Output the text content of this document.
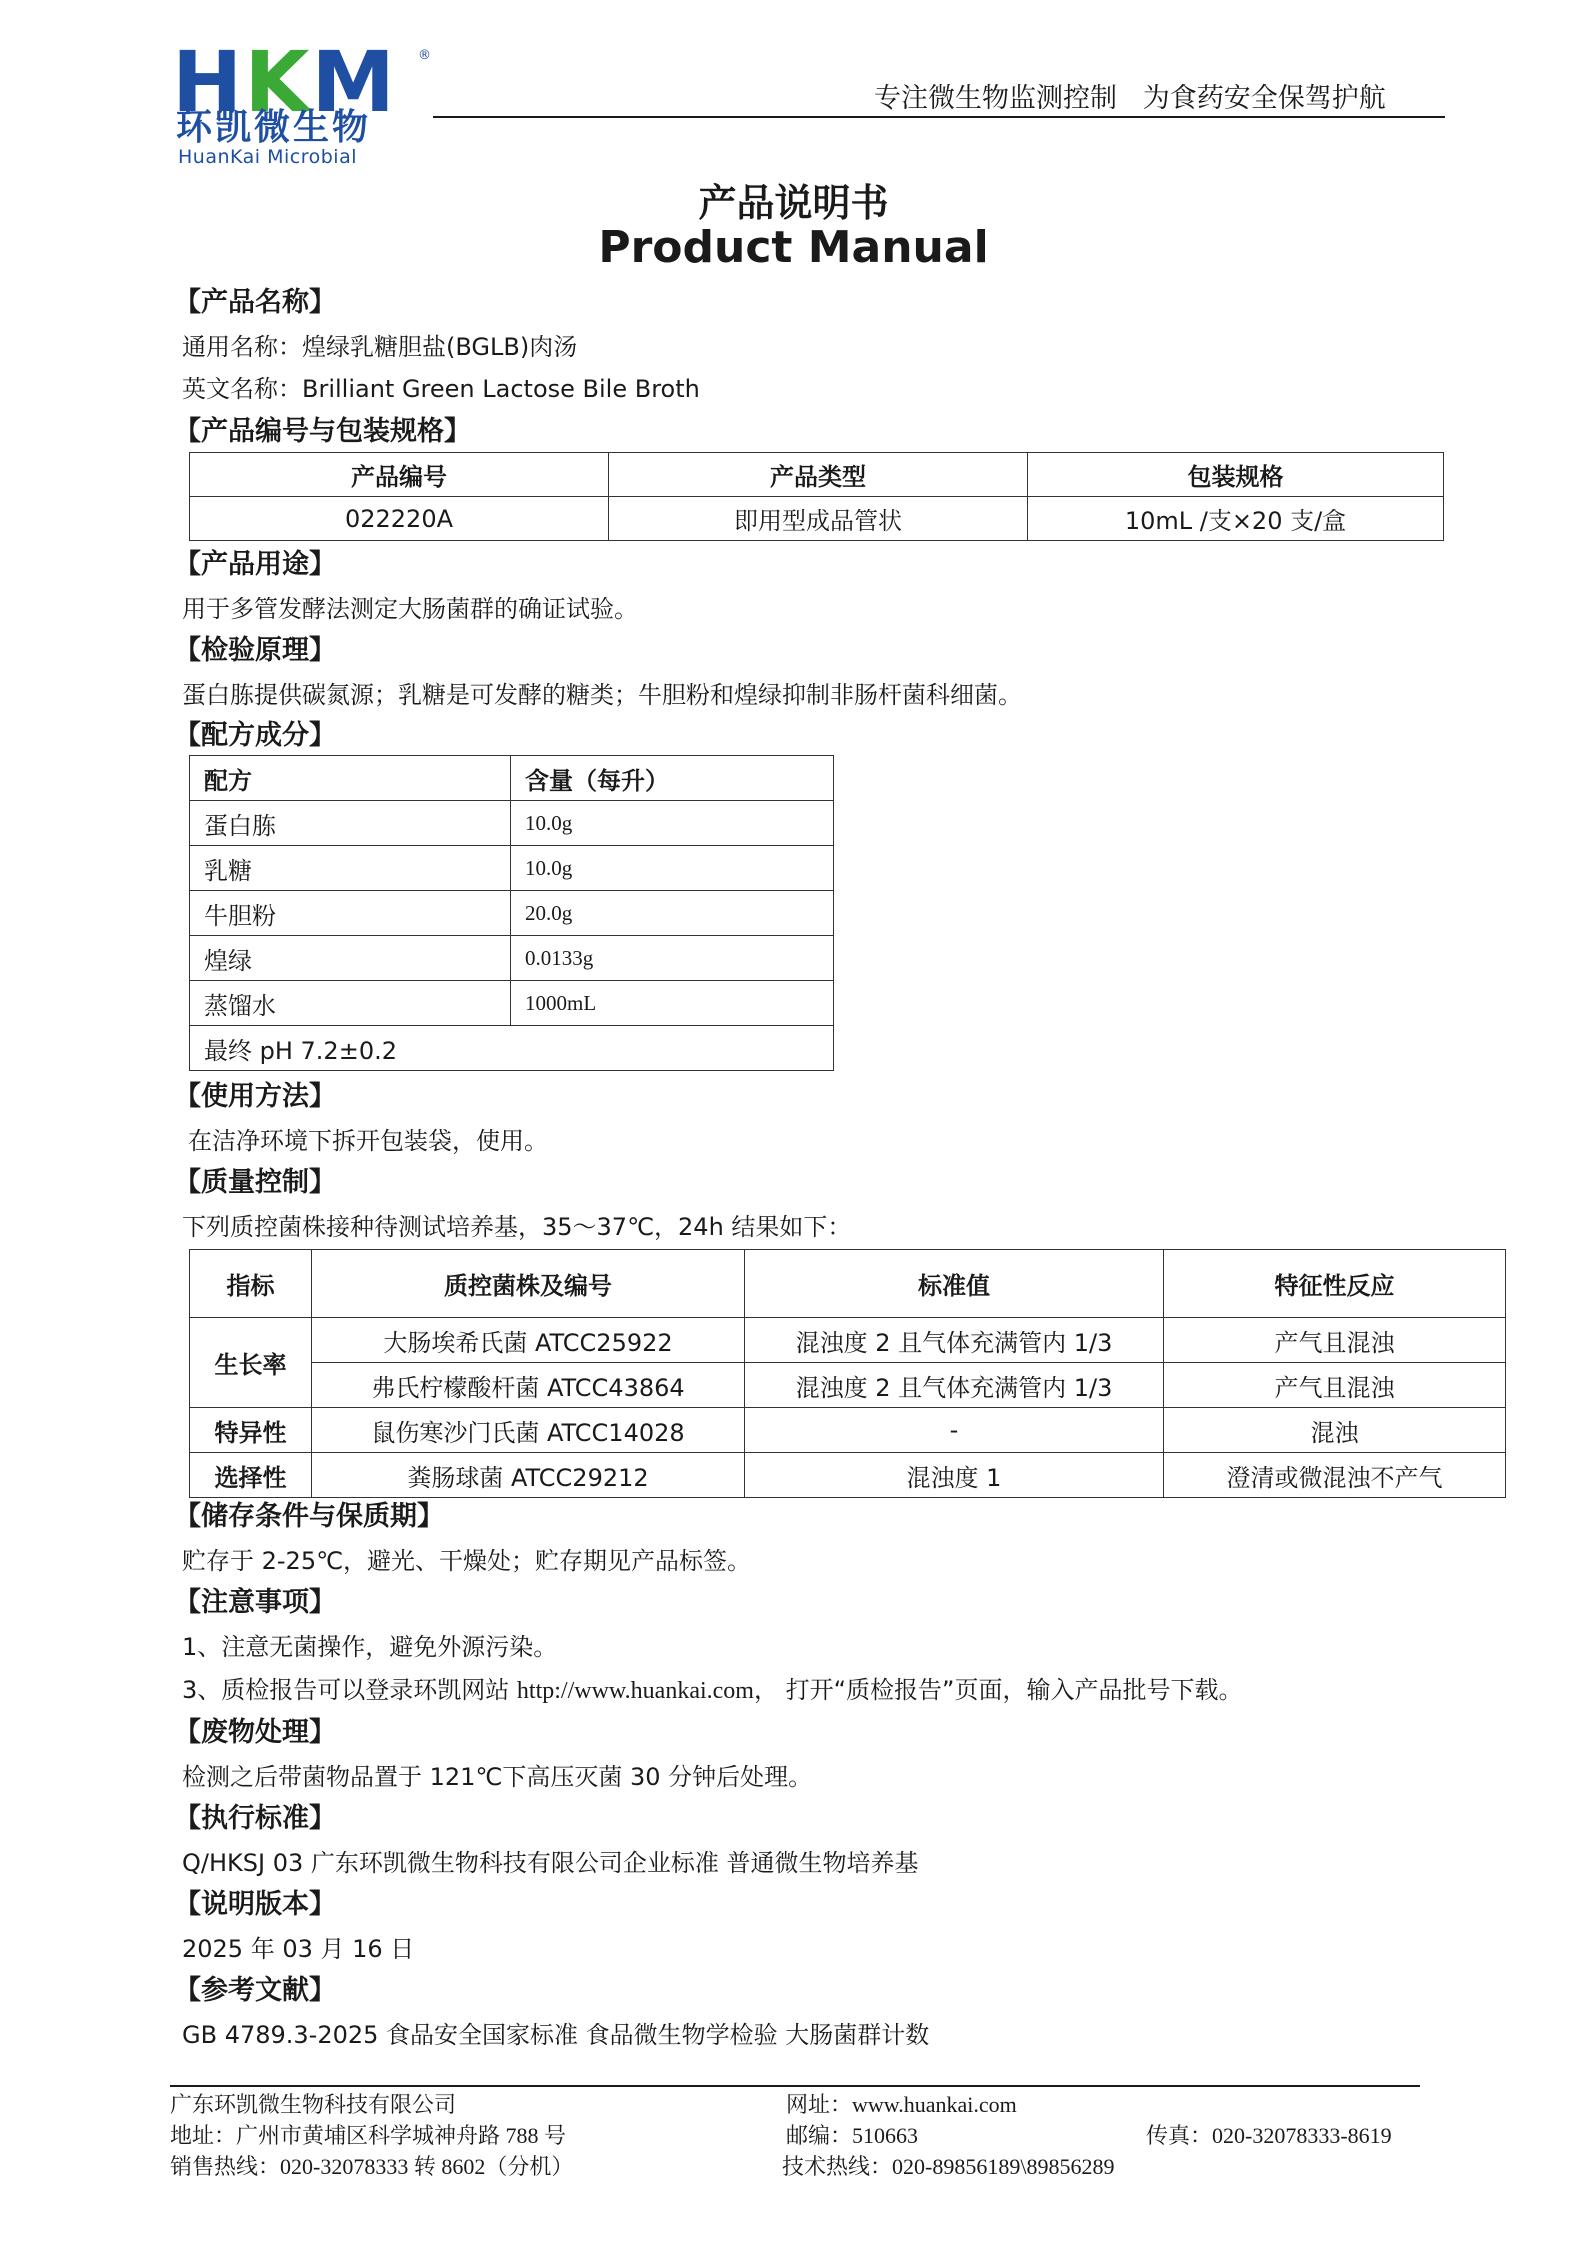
HKM ®
环凯微生物
HuanKai Microbial
专注微生物监测控制   为食药安全保驾护航
产品说明书
Product Manual
【产品名称】
通用名称：煌绿乳糖胆盐(BGLB)肉汤
英文名称：Brilliant Green Lactose Bile Broth
【产品编号与包装规格】
产品编号	产品类型	包装规格
022220A	即用型成品管状	10mL /支×20 支/盒
【产品用途】
用于多管发酵法测定大肠菌群的确证试验。
【检验原理】
蛋白胨提供碳氮源；乳糖是可发酵的糖类；牛胆粉和煌绿抑制非肠杆菌科细菌。
【配方成分】
配方	含量（每升）
蛋白胨	10.0g
乳糖	10.0g
牛胆粉	20.0g
煌绿	0.0133g
蒸馏水	1000mL
最终 pH 7.2±0.2	
【使用方法】
在洁净环境下拆开包装袋，使用。
【质量控制】
下列质控菌株接种待测试培养基，35～37℃，24h 结果如下：
指标	质控菌株及编号	标准值	特征性反应
生长率	大肠埃希氏菌 ATCC25922	混浊度 2 且气体充满管内 1/3	产气且混浊
	弗氏柠檬酸杆菌 ATCC43864	混浊度 2 且气体充满管内 1/3	产气且混浊
特异性	鼠伤寒沙门氏菌 ATCC14028	-	混浊
选择性	粪肠球菌 ATCC29212	混浊度 1	澄清或微混浊不产气
【储存条件与保质期】
贮存于 2-25℃，避光、干燥处；贮存期见产品标签。
【注意事项】
1、注意无菌操作，避免外源污染。
3、质检报告可以登录环凯网站 http://www.huankai.com， 打开“质检报告”页面，输入产品批号下载。
【废物处理】
检测之后带菌物品置于 121℃下高压灭菌 30 分钟后处理。
【执行标准】
Q/HKSJ 03 广东环凯微生物科技有限公司企业标准 普通微生物培养基
【说明版本】
2025 年 03 月 16 日
【参考文献】
GB 4789.3-2025 食品安全国家标准 食品微生物学检验 大肠菌群计数
广东环凯微生物科技有限公司
地址：广州市黄埔区科学城神舟路 788 号
销售热线：020-32078333 转 8602（分机）
网址：www.huankai.com
邮编：510663
技术热线：020-89856189\89856289
传真：020-32078333-8619
